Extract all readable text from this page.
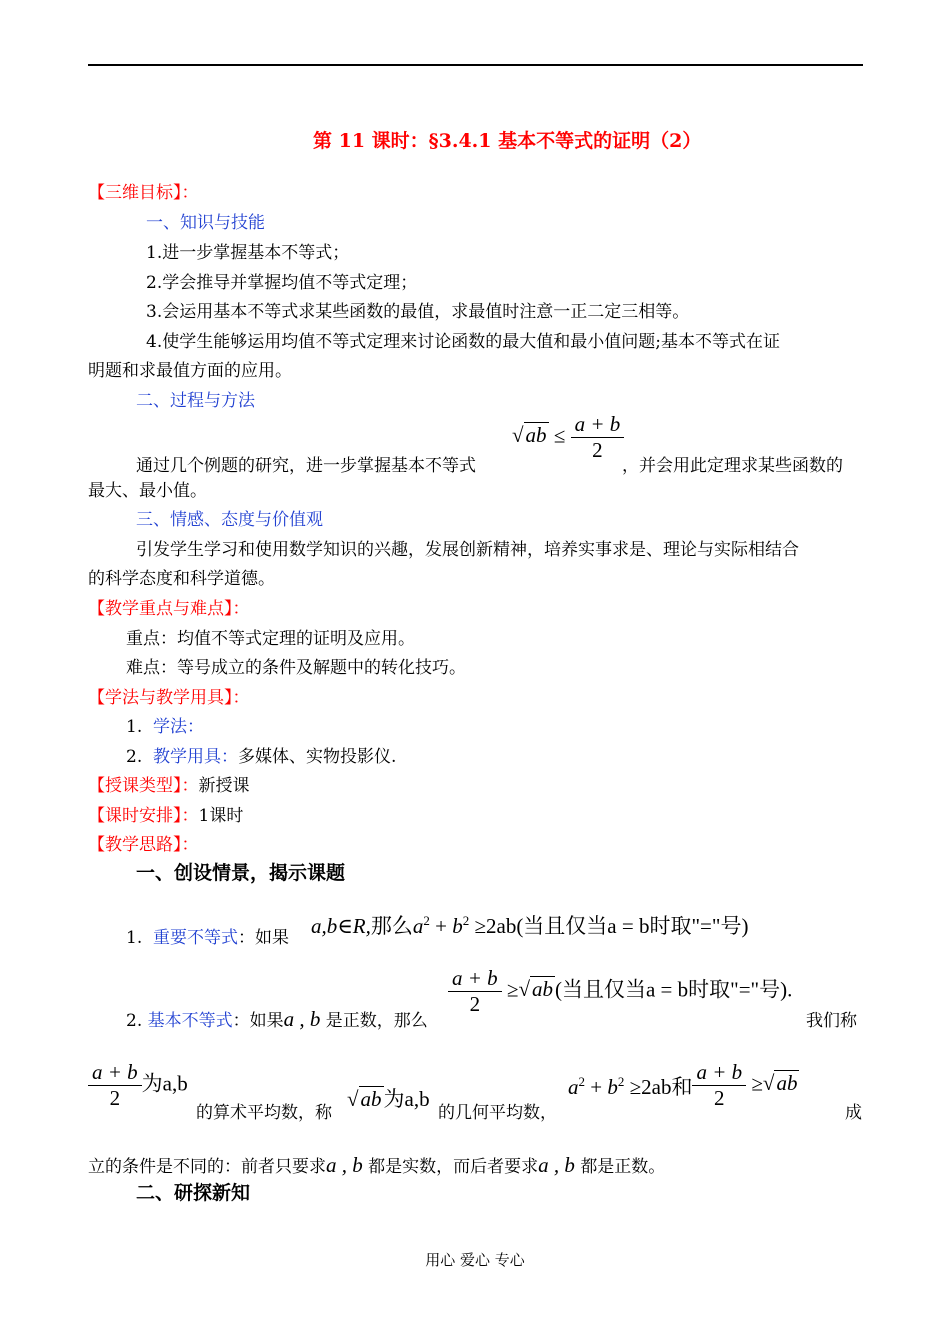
第 11 课时：§3.4.1 基本不等式的证明（2）
【三维目标】：
一、知识与技能
1.进一步掌握基本不等式；
2.学会推导并掌握均值不等式定理；
3.会运用基本不等式求某些函数的最值，求最值时注意一正二定三相等。
4.使学生能够运用均值不等式定理来讨论函数的最大值和最小值问题;基本不等式在证
明题和求最值方面的应用。
二、过程与方法
通过几个例题的研究，进一步掌握基本不等式
$√ab \le \frac{a + b}{2}$
，并会用此定理求某些函数的
最大、最小值。
三、情感、态度与价值观
引发学生学习和使用数学知识的兴趣，发展创新精神，培养实事求是、理论与实际相结合
的科学态度和科学道德。
【教学重点与难点】：
重点：均值不等式定理的证明及应用。
难点：等号成立的条件及解题中的转化技巧。
【学法与教学用具】：
1. 学法：
2. 教学用具：多媒体、实物投影仪.
【授课类型】：新授课
【课时安排】：1课时
【教学思路】：
一、创设情景，揭示课题
1. 重要不等式：如果 a,b∈R,那么$a^2 + b^2 \ge 2ab$(当且仅当a = b时取"="号)
2. 基本不等式：如果a , b 是正数，那么
$\frac{a + b}{2} \ge√ab$(当且仅当a = b时取"="号).
我们称
$\frac{a + b}{2}$ 为a,b
的算术平均数，称
√ab为a,b
的几何平均数，
$a^2 + b^2 \ge 2ab$和 $\frac{a + b}{2} \ge√ab$
成
立的条件是不同的：前者只要求a , b 都是实数，而后者要求a , b 都是正数。
二、研探新知
用心 爱心 专心
